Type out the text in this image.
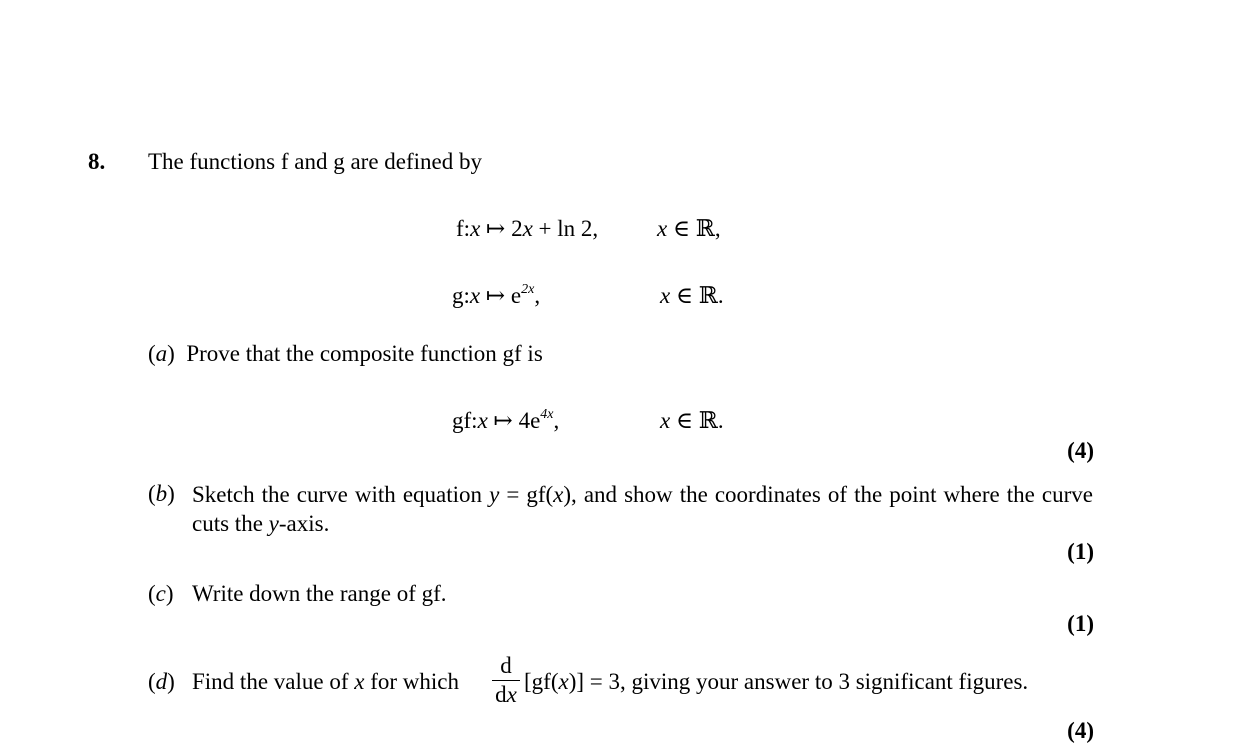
8. The functions f and g are defined by
f:x ↦ 2x + ln 2,	x ∈ ℝ,
g:x ↦ $e^{2x}$,	x ∈ ℝ.
(a)  Prove that the composite function gf is
gf:x ↦ $4e^{4x}$,	x ∈ ℝ.
(4)
(b) Sketch the curve with equation y = gf(x), and show the coordinates of the point where the curve cuts the y-axis.
(1)
(c) Write down the range of gf.
(1)
(d) Find the value of x for which $\frac{d}{dx} [gf(x)] = 3$, giving your answer to 3 significant figures.
(4)
